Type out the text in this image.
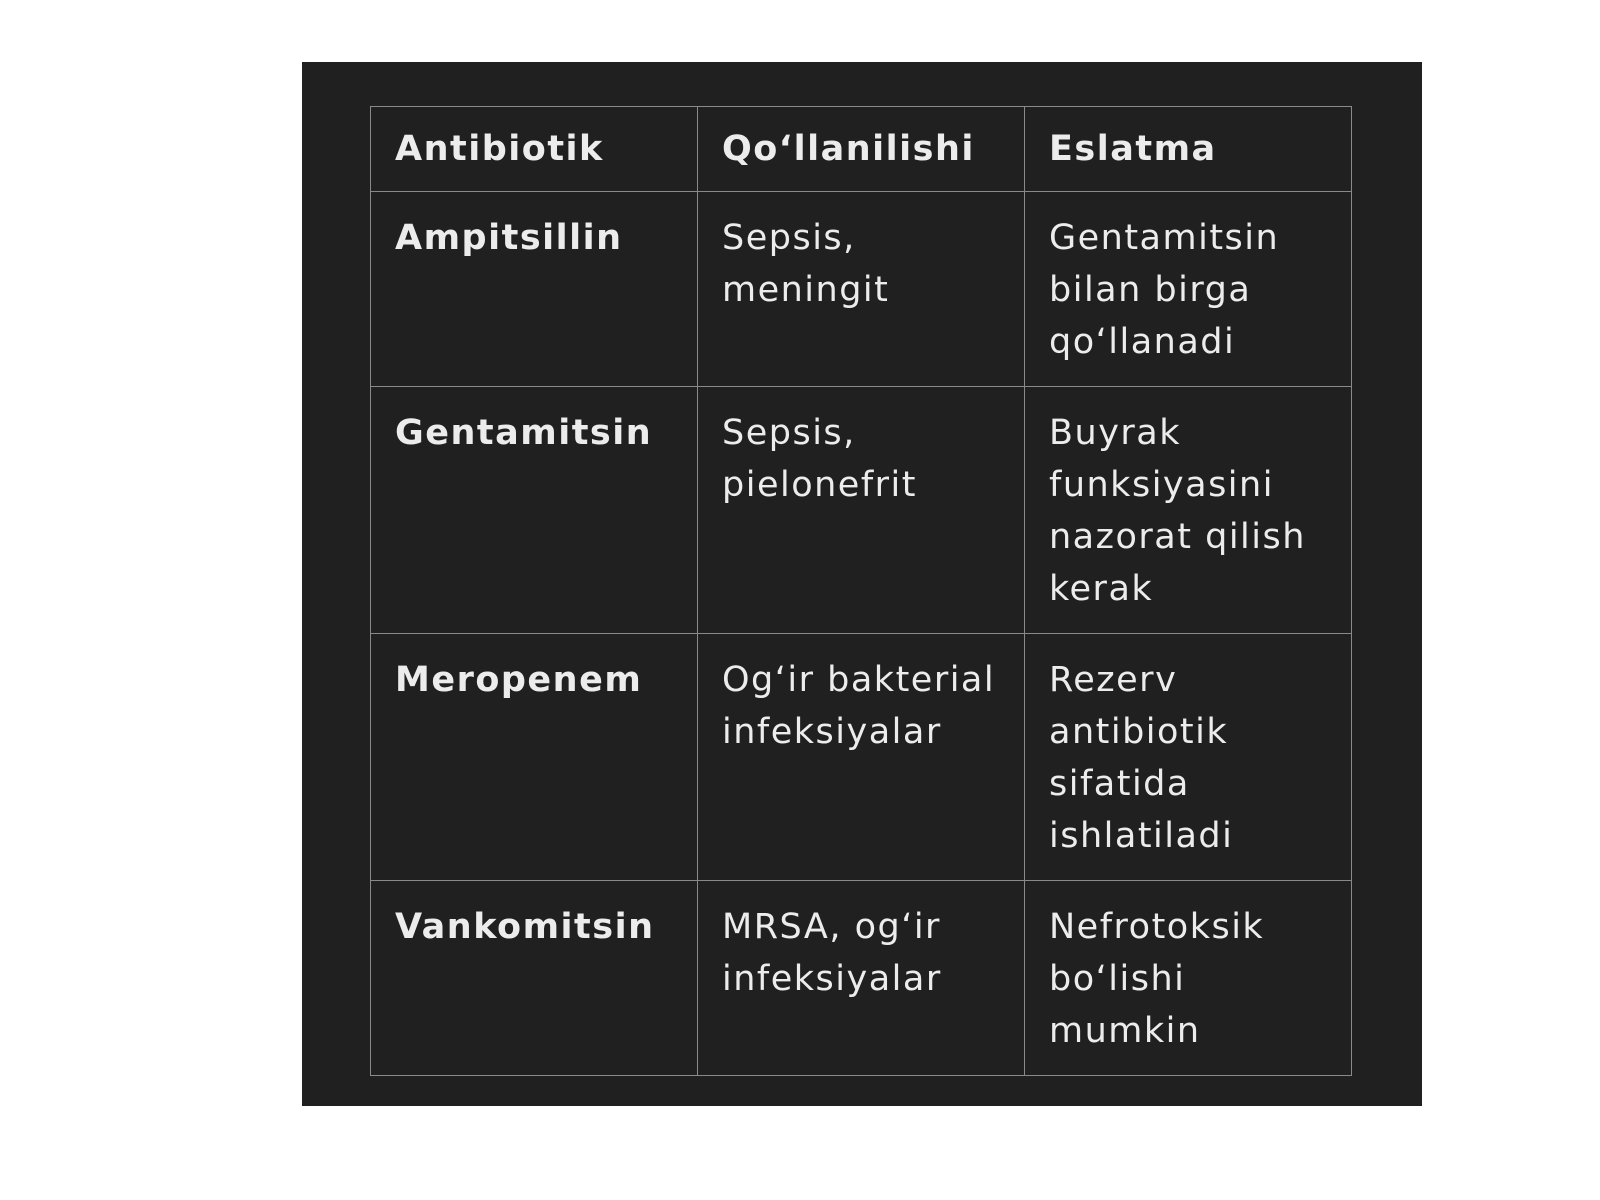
Antibiotik	Qo‘llanilishi	Eslatma
Ampitsillin	Sepsis, meningit	Gentamitsin bilan birga qo‘llanadi
Gentamitsin	Sepsis, pielonefrit	Buyrak funksiyasini nazorat qilish kerak
Meropenem	Og‘ir bakterial infeksiyalar	Rezerv antibiotik sifatida ishlatiladi
Vankomitsin	MRSA, og‘ir infeksiyalar	Nefrotoksik bo‘lishi mumkin
